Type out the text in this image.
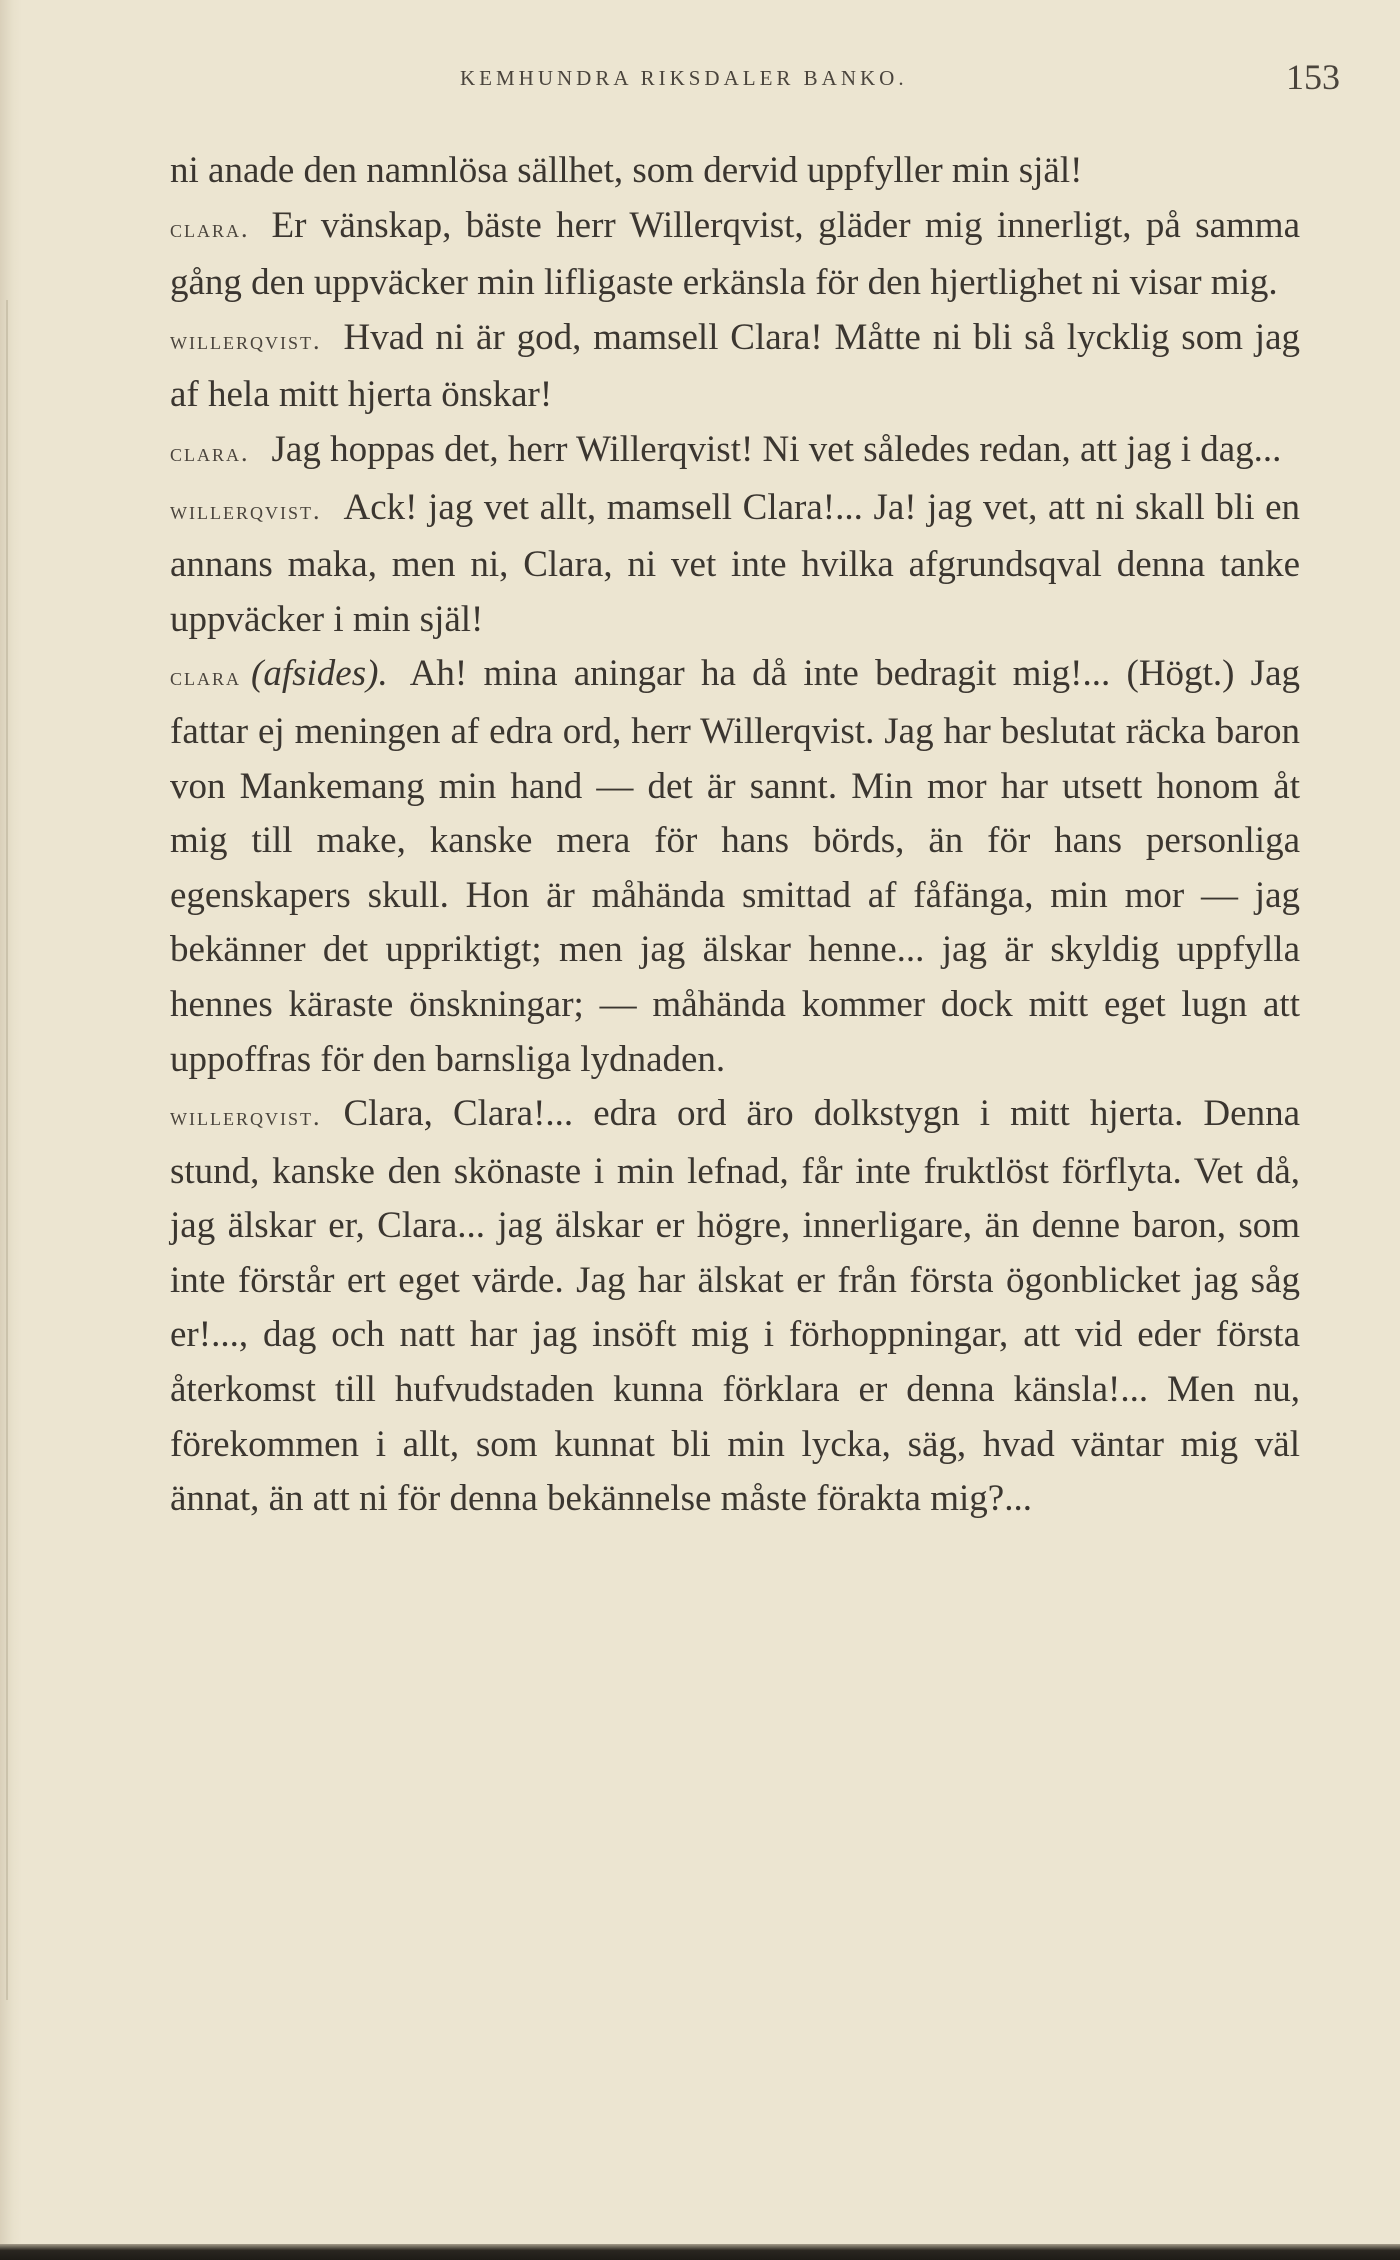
KEMHUNDRA RIKSDALER BANKO.	153

ni anade den namnlösa sällhet, som dervid uppfyller min själ!

clara. Er vänskap, bäste herr Willerqvist, gläder mig innerligt, på samma gång den uppväcker min lifligaste erkänsla för den hjertlighet ni visar mig.

willerqvist. Hvad ni är god, mamsell Clara! Måtte ni bli så lycklig som jag af hela mitt hjerta önskar!

clara. Jag hoppas det, herr Willerqvist! Ni vet således redan, att jag i dag...

willerqvist. Ack! jag vet allt, mamsell Clara!... Ja! jag vet, att ni skall bli en annans maka, men ni, Clara, ni vet inte hvilka afgrundsqval denna tanke uppväcker i min själ!

clara (afsides). Ah! mina aningar ha då inte bedragit mig!... (Högt.) Jag fattar ej meningen af edra ord, herr Willerqvist. Jag har beslutat räcka baron von Mankemang min hand — det är sannt. Min mor har utsett honom åt mig till make, kanske mera för hans börds, än för hans personliga egenskapers skull. Hon är måhända smittad af fåfänga, min mor — jag bekänner det uppriktigt; men jag älskar henne... jag är skyldig uppfylla hennes käraste önskningar; — måhända kommer dock mitt eget lugn att uppoffras för den barnsliga lydnaden.

willerqvist. Clara, Clara!... edra ord äro dolkstygn i mitt hjerta. Denna stund, kanske den skönaste i min lefnad, får inte fruktlöst förflyta. Vet då, jag älskar er, Clara... jag älskar er högre, innerligare, än denne baron, som inte förstår ert eget värde. Jag har älskat er från första ögonblicket jag såg er!..., dag och natt har jag insöft mig i förhoppningar, att vid eder första återkomst till hufvudstaden kunna förklara er denna känsla!... Men nu, förekommen i allt, som kunnat bli min lycka, säg, hvad väntar mig väl ännat, än att ni för denna bekännelse måste förakta mig?...
